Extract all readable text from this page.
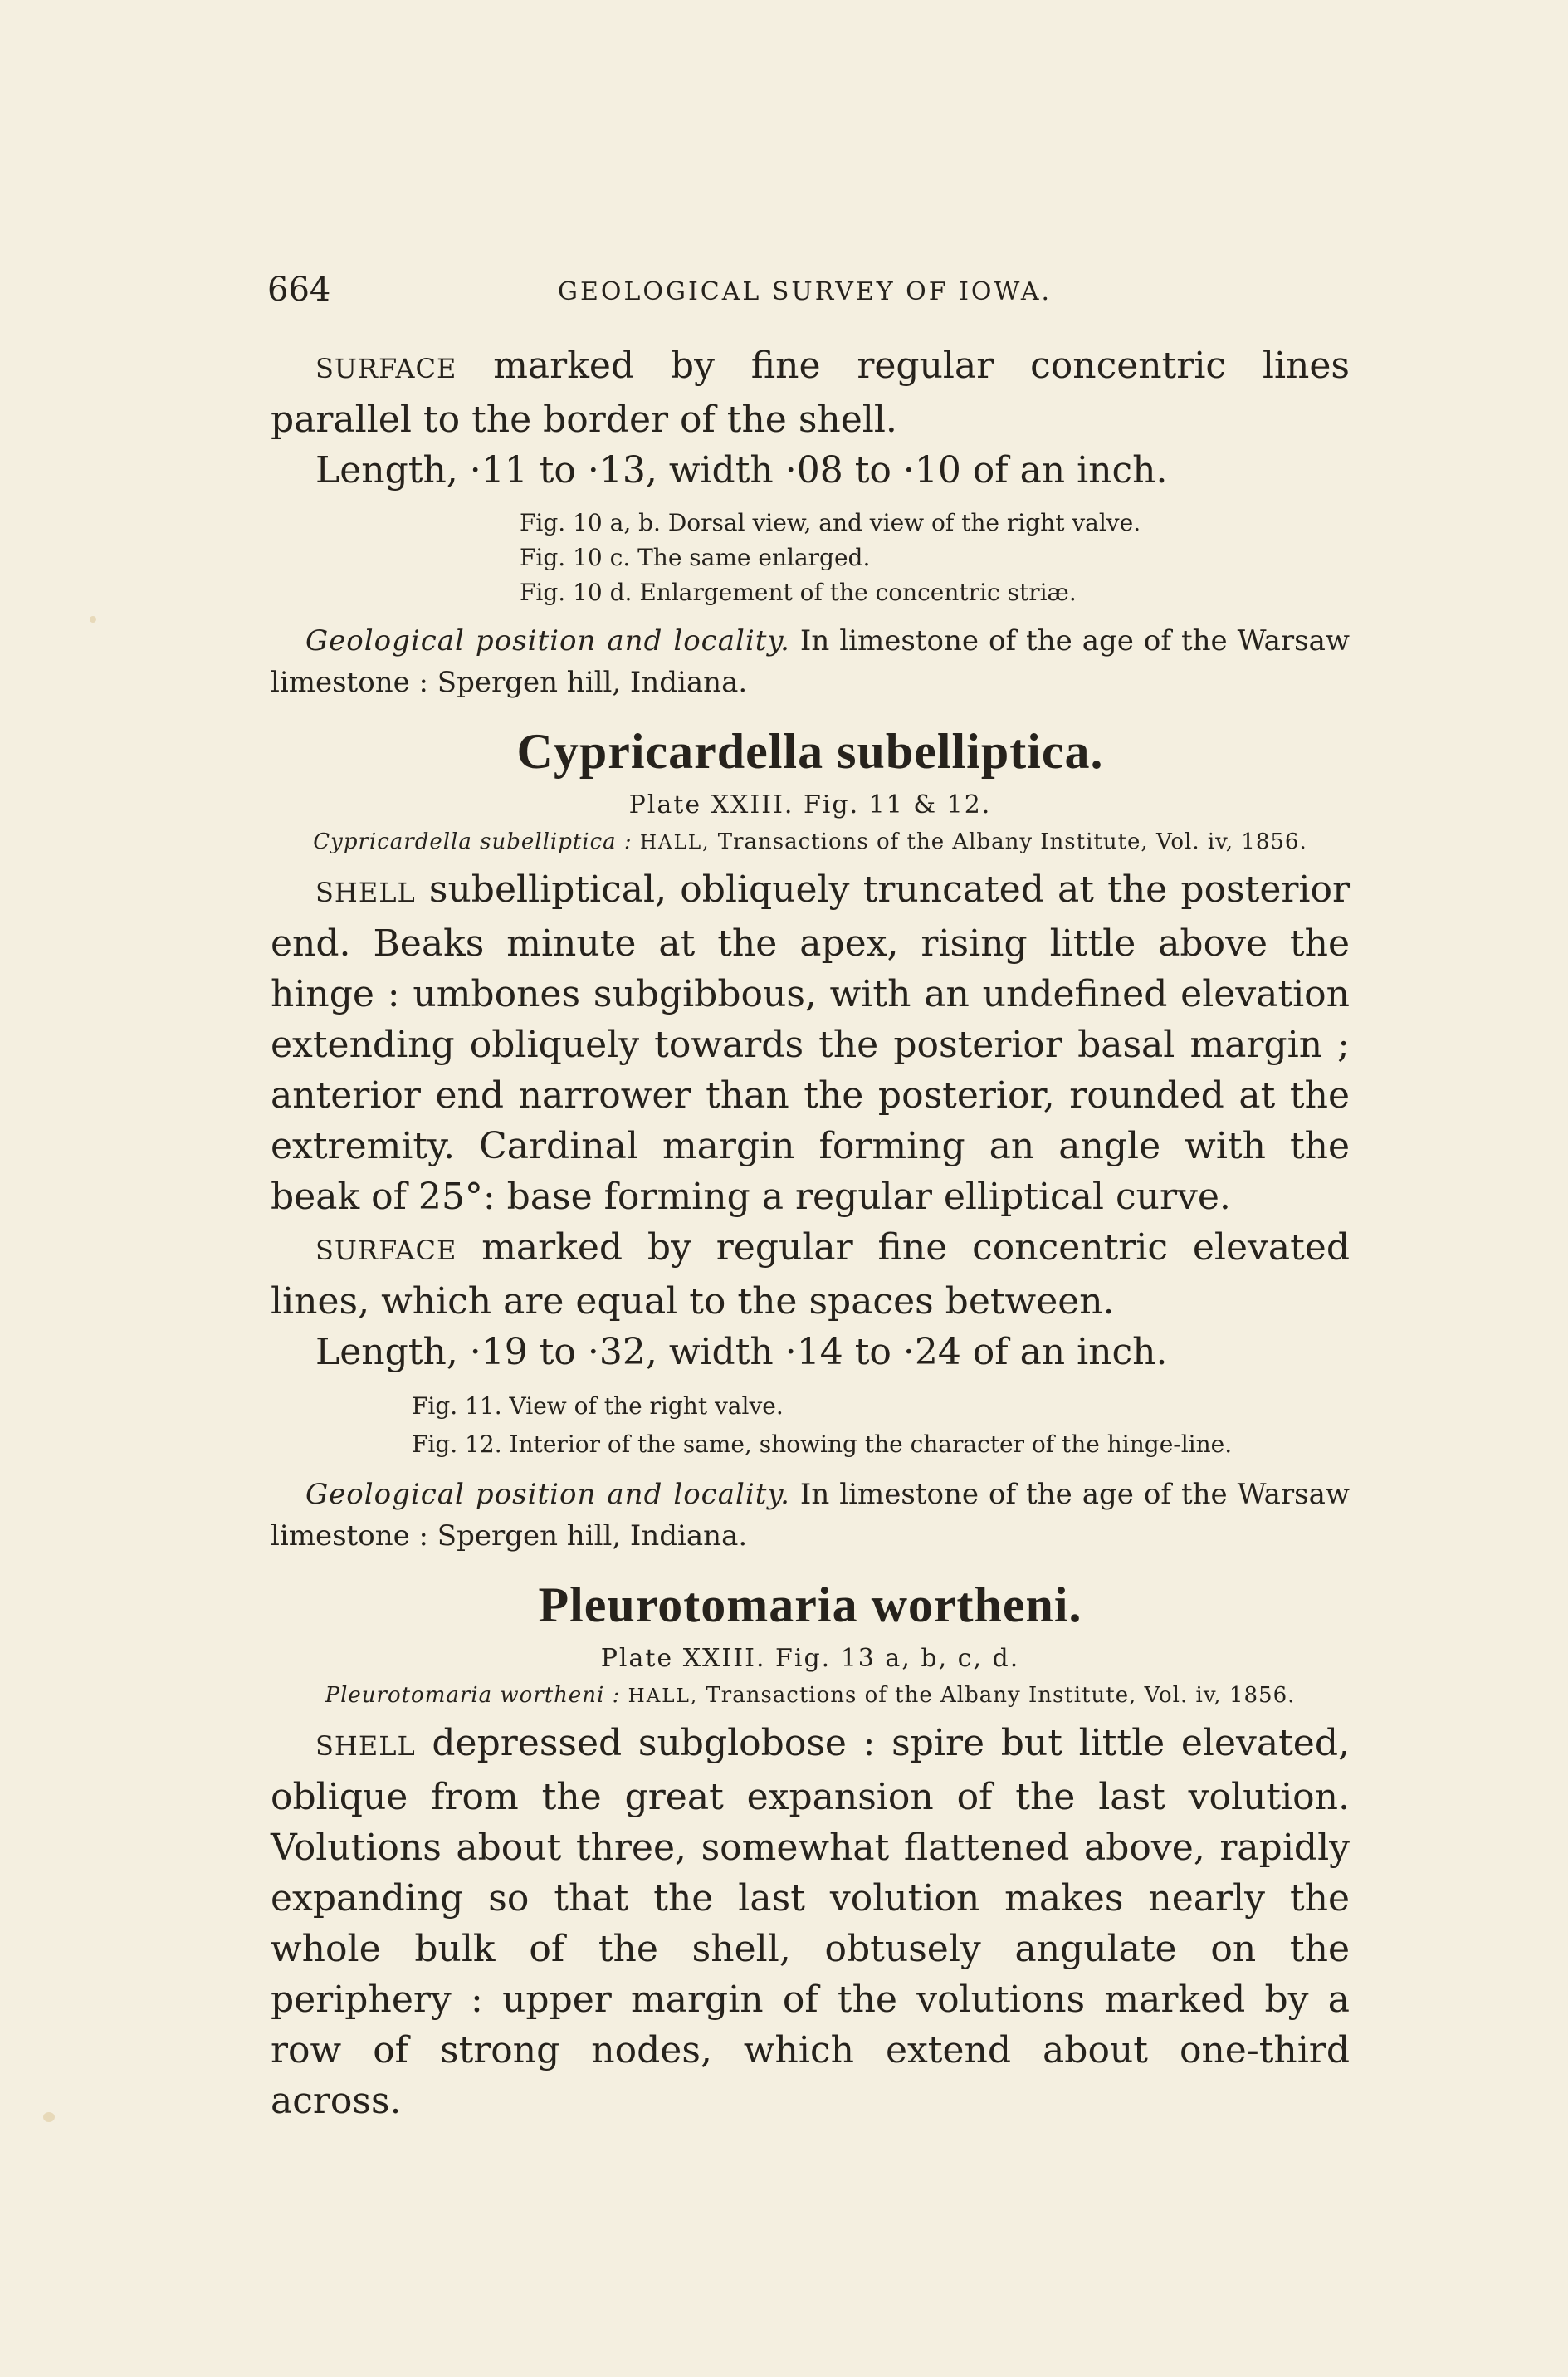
664	GEOLOGICAL SURVEY OF IOWA.

SURFACE marked by fine regular concentric lines parallel to the border of the shell.

Length, ·11 to ·13, width ·08 to ·10 of an inch.

Fig. 10 a, b. Dorsal view, and view of the right valve.

Fig. 10 c. The same enlarged.

Fig. 10 d. Enlargement of the concentric striæ.

Geological position and locality. In limestone of the age of the Warsaw limestone : Spergen hill, Indiana.

Cypricardella subelliptica.
Plate XXIII. Fig. 11 & 12.
Cypricardella subelliptica : HALL, Transactions of the Albany Institute, Vol. iv, 1856.

SHELL subelliptical, obliquely truncated at the posterior end. Beaks minute at the apex, rising little above the hinge : umbones subgibbous, with an undefined elevation extending obliquely towards the posterior basal margin ; anterior end narrower than the posterior, rounded at the extremity. Cardinal margin forming an angle with the beak of 25°: base forming a regular elliptical curve.

SURFACE marked by regular fine concentric elevated lines, which are equal to the spaces between.

Length, ·19 to ·32, width ·14 to ·24 of an inch.

Fig. 11. View of the right valve.

Fig. 12. Interior of the same, showing the character of the hinge-line.

Geological position and locality. In limestone of the age of the Warsaw limestone : Spergen hill, Indiana.

Pleurotomaria wortheni.
Plate XXIII. Fig. 13 a, b, c, d.
Pleurotomaria wortheni : HALL, Transactions of the Albany Institute, Vol. iv, 1856.

SHELL depressed subglobose : spire but little elevated, oblique from the great expansion of the last volution. Volutions about three, somewhat flattened above, rapidly expanding so that the last volution makes nearly the whole bulk of the shell, obtusely angulate on the periphery : upper margin of the volutions marked by a row of strong nodes, which extend about one-third across.
